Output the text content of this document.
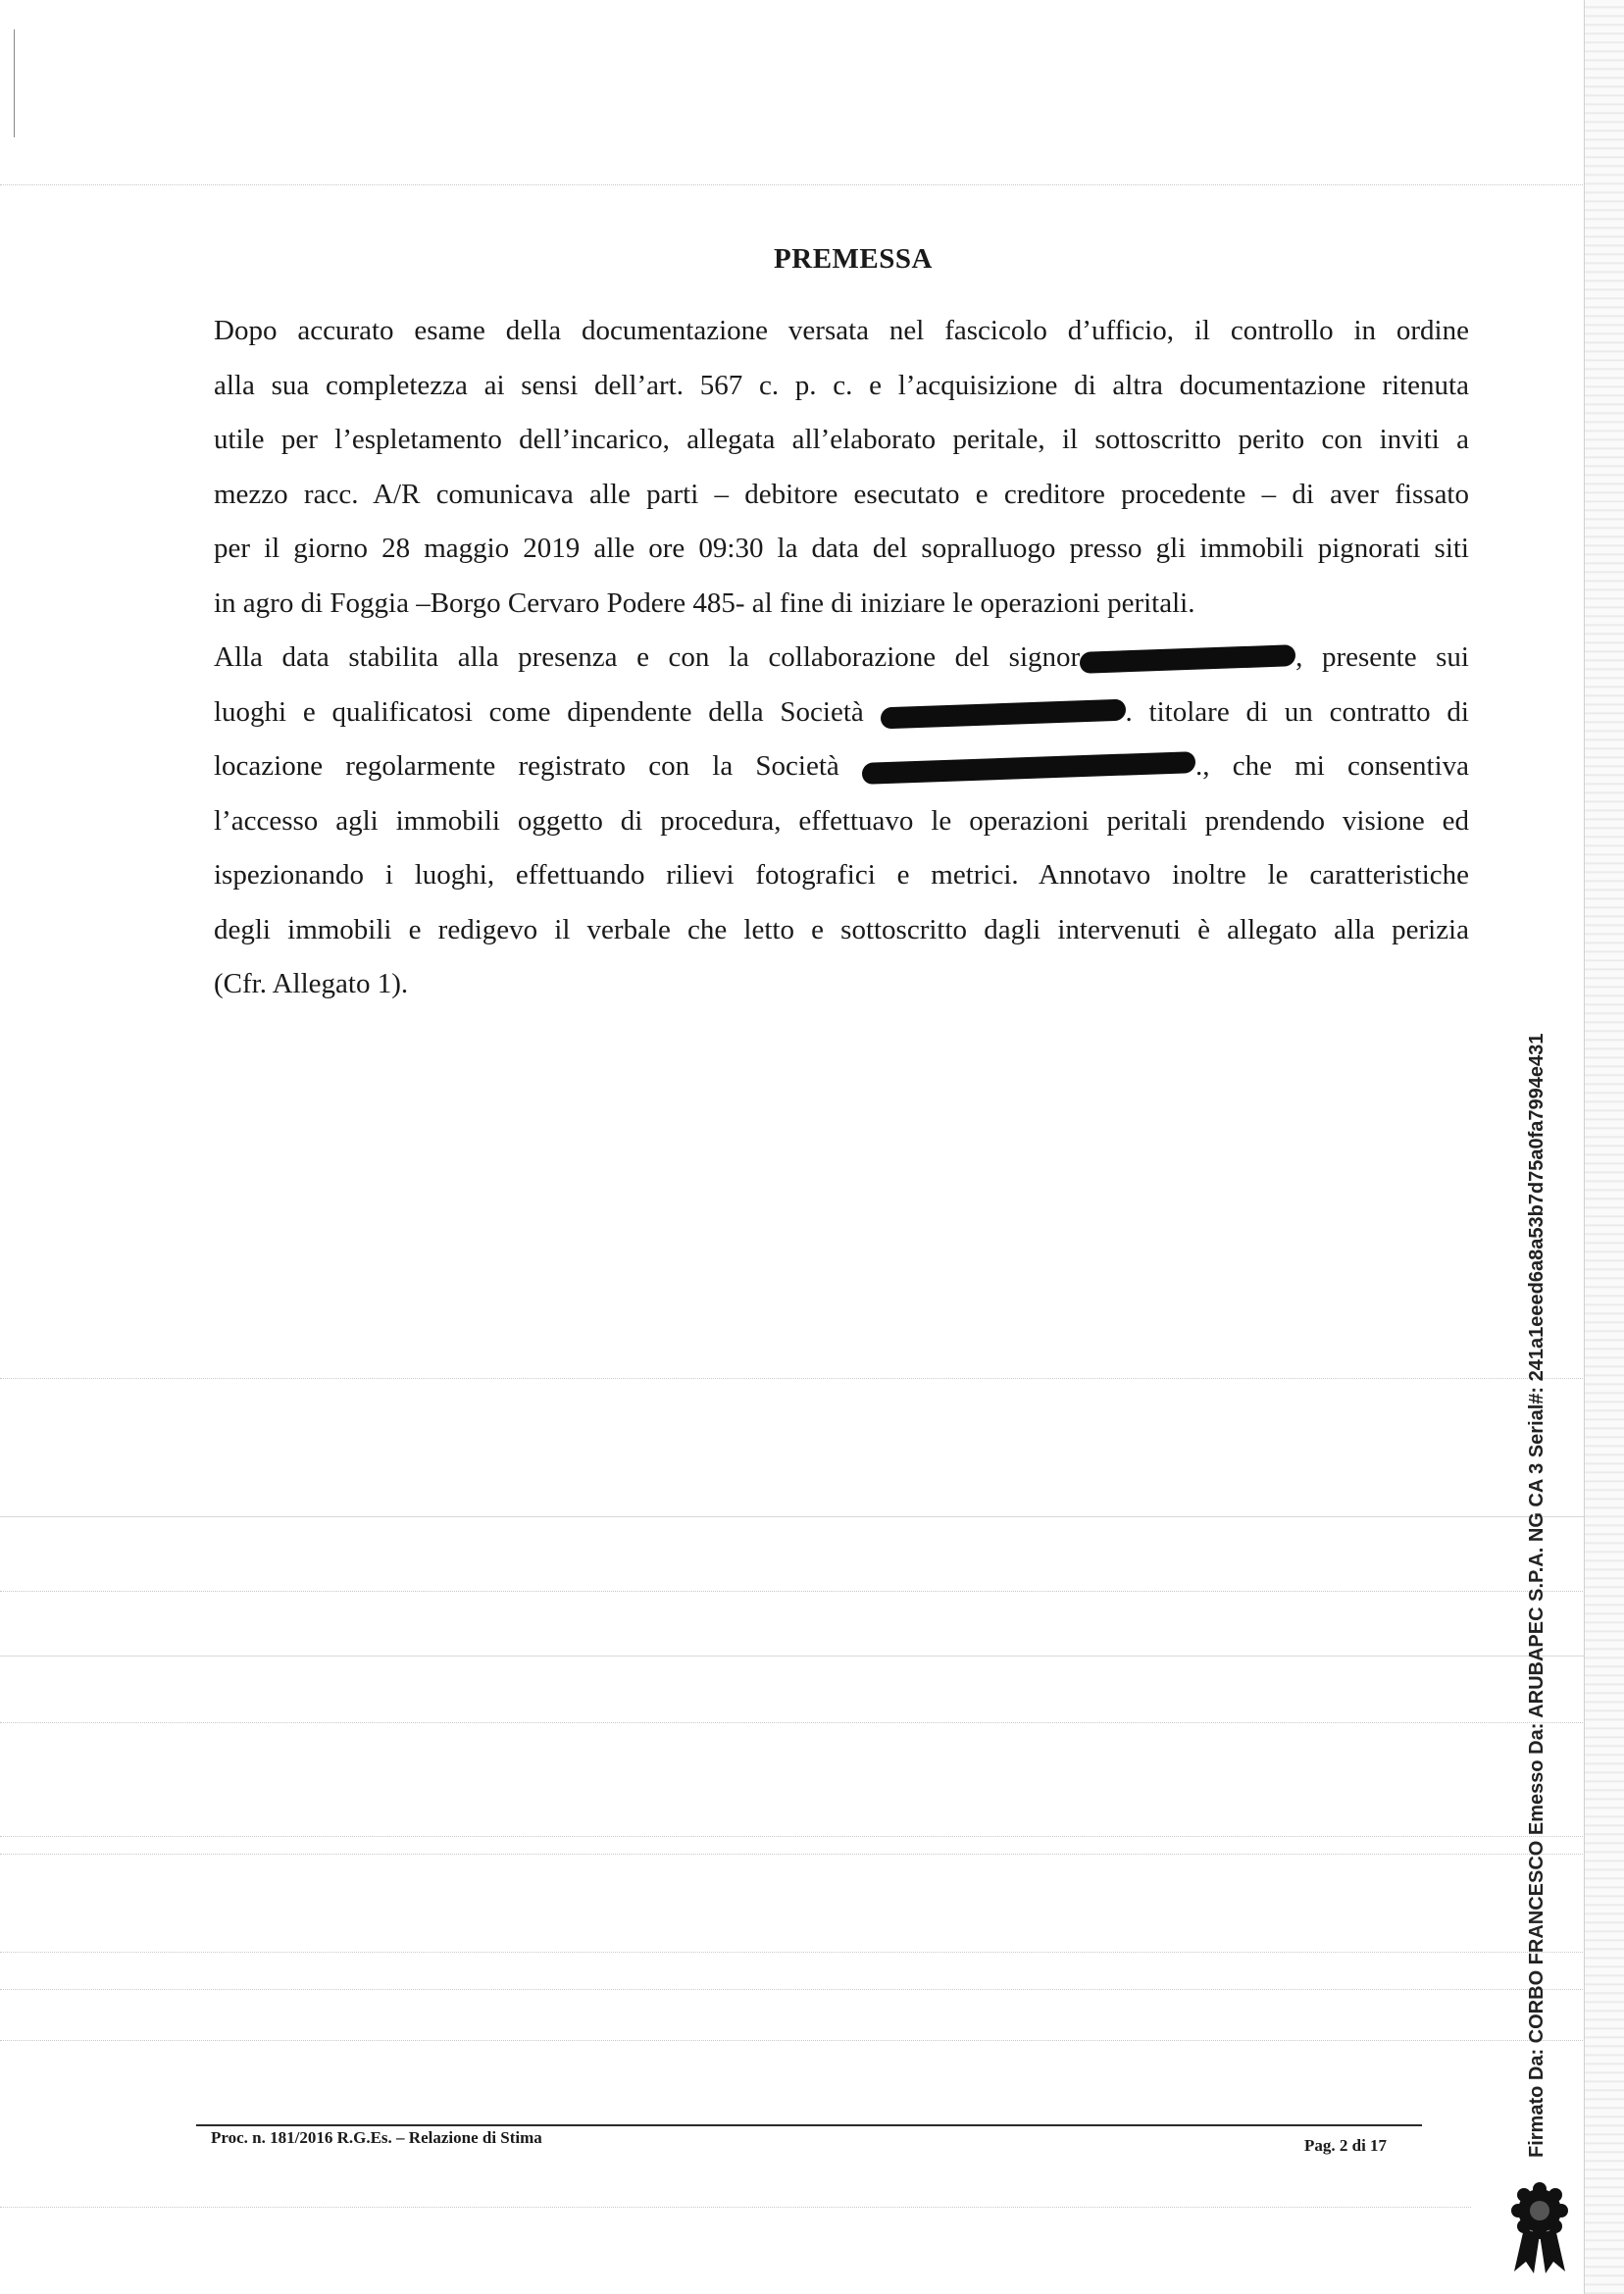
PREMESSA
Dopo accurato esame della documentazione versata nel fascicolo d’ufficio, il controllo in ordine
alla sua completezza ai sensi dell’art. 567 c. p. c. e l’acquisizione di altra documentazione ritenuta
utile per l’espletamento dell’incarico, allegata all’elaborato peritale, il sottoscritto perito con inviti a
mezzo racc. A/R comunicava alle parti – debitore esecutato e creditore procedente – di aver fissato
per il giorno 28 maggio 2019 alle ore 09:30 la data del sopralluogo presso gli immobili pignorati siti
in agro di Foggia –Borgo Cervaro Podere 485- al fine di iniziare le operazioni peritali.
Alla data stabilita alla presenza e con la collaborazione del signor	, presente sui
luoghi e qualificatosi come dipendente della Società	. titolare di un contratto di
locazione regolarmente registrato con la Società	., che mi consentiva
l’accesso agli immobili oggetto di procedura, effettuavo le operazioni peritali prendendo visione ed
ispezionando i luoghi, effettuando rilievi fotografici e metrici. Annotavo inoltre le caratteristiche
degli immobili e redigevo il verbale che letto e sottoscritto dagli intervenuti è allegato alla perizia
(Cfr. Allegato 1).
Proc. n. 181/2016 R.G.Es. – Relazione di Stima	Pag. 2 di 17	Firmato Da: CORBO FRANCESCO Emesso Da: ARUBAPEC S.P.A. NG CA 3 Serial#: 241a1eeed6a8a53b7d75a0fa7994e431
